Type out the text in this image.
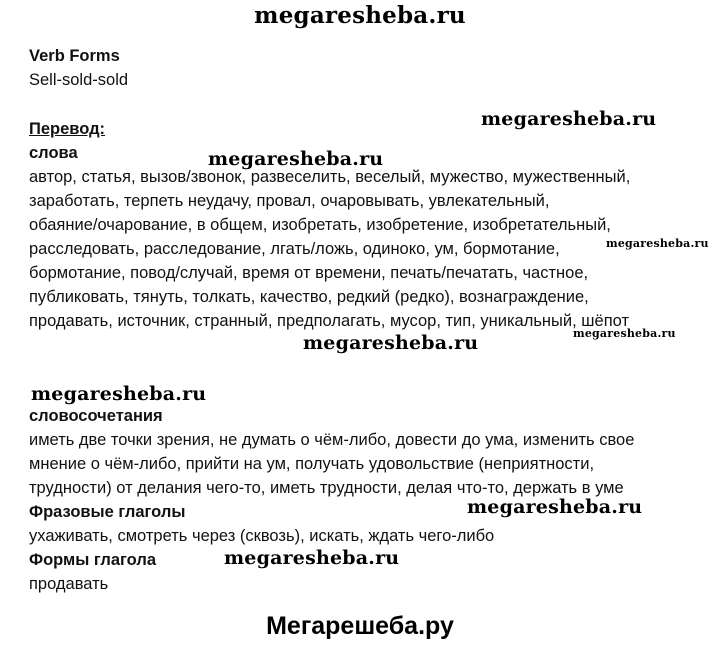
megaresheba.ru
megaresheba.ru
megaresheba.ru
megaresheba.ru
megaresheba.ru
megaresheba.ru
megaresheba.ru
megaresheba.ru
megaresheba.ru
Verb Forms
Sell-sold-sold
Перевод:
слова
автор, статья, вызов/звонок, развеселить, веселый, мужество, мужественный,
заработать, терпеть неудачу, провал, очаровывать, увлекательный,
обаяние/очарование, в общем, изобретать, изобретение, изобретательный,
расследовать, расследование, лгать/ложь, одиноко, ум, бормотание,
бормотание, повод/случай, время от времени, печать/печатать, частное,
публиковать, тянуть, толкать, качество, редкий (редко), вознаграждение,
продавать, источник, странный, предполагать, мусор, тип, уникальный, шёпот
словосочетания
иметь две точки зрения, не думать о чём-либо, довести до ума, изменить свое
мнение о чём-либо, прийти на ум, получать удовольствие (неприятности,
трудности) от делания чего-то, иметь трудности, делая что-то, держать в уме
Фразовые глаголы
ухаживать, смотреть через (сквозь), искать, ждать чего-либо
Формы глагола
продавать
Мегарешеба.ру
